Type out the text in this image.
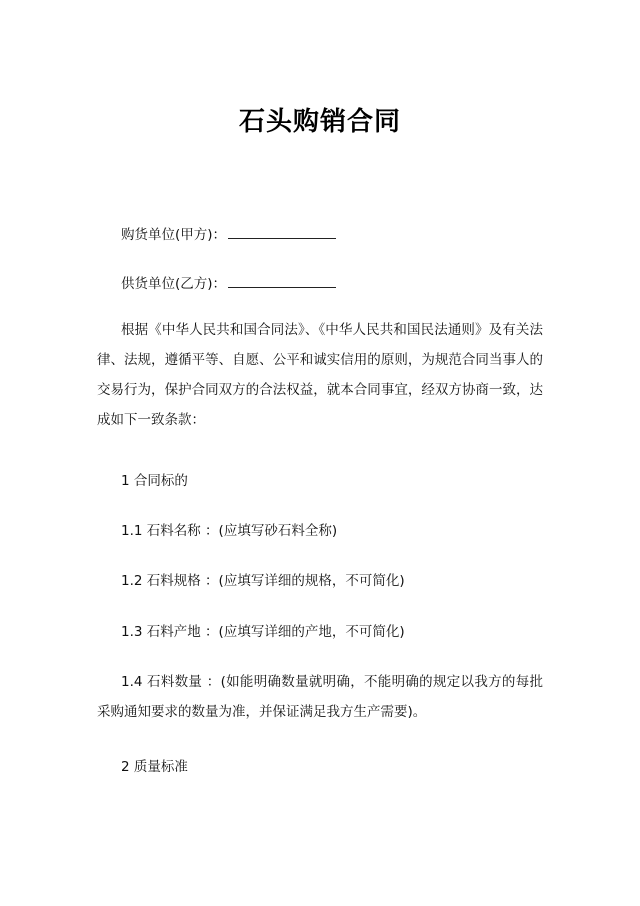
石头购销合同
购货单位(甲方)：
供货单位(乙方)：
根据《中华人民共和国合同法》、《中华人民共和国民法通则》及有关法律、法规，遵循平等、自愿、公平和诚实信用的原则，为规范合同当事人的交易行为，保护合同双方的合法权益，就本合同事宜，经双方协商一致，达成如下一致条款：
1 合同标的
1.1 石料名称 ：(应填写砂石料全称)
1.2 石料规格 ：(应填写详细的规格，不可简化)
1.3 石料产地 ：(应填写详细的产地，不可简化)
1.4 石料数量 ：(如能明确数量就明确，不能明确的规定以我方的每批采购通知要求的数量为准，并保证满足我方生产需要)。
2 质量标准
